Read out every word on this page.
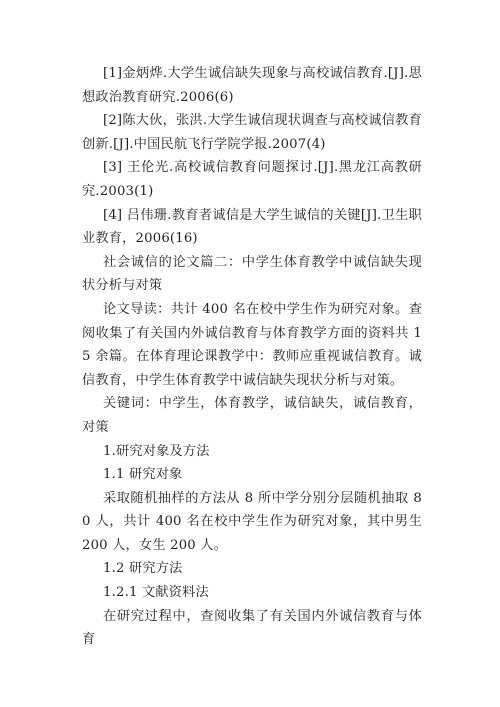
[1]金炳烨.大学生诚信缺失现象与高校诚信教育.[J].思想政治教育研究.2006(6)

[2]陈大伙，张洪.大学生诚信现状调查与高校诚信教育创新.[J].中国民航飞行学院学报.2007(4)

[3] 王伦光.高校诚信教育问题探讨.[J].黑龙江高教研究.2003(1)

[4] 吕伟珊.教育者诚信是大学生诚信的关键[J].卫生职业教育，2006(16)

社会诚信的论文篇二：中学生体育教学中诚信缺失现状分析与对策

论文导读：共计 400 名在校中学生作为研究对象。查阅收集了有关国内外诚信教育与体育教学方面的资料共 15 余篇。在体育理论课教学中：教师应重视诚信教育。诚信教育，中学生体育教学中诚信缺失现状分析与对策。

关键词：中学生，体育教学，诚信缺失，诚信教育，对策

1.研究对象及方法

1.1 研究对象

采取随机抽样的方法从 8 所中学分别分层随机抽取 80 人，共计 400 名在校中学生作为研究对象，其中男生 200 人，女生 200 人。

1.2 研究方法

1.2.1 文献资料法

在研究过程中，查阅收集了有关国内外诚信教育与体育
